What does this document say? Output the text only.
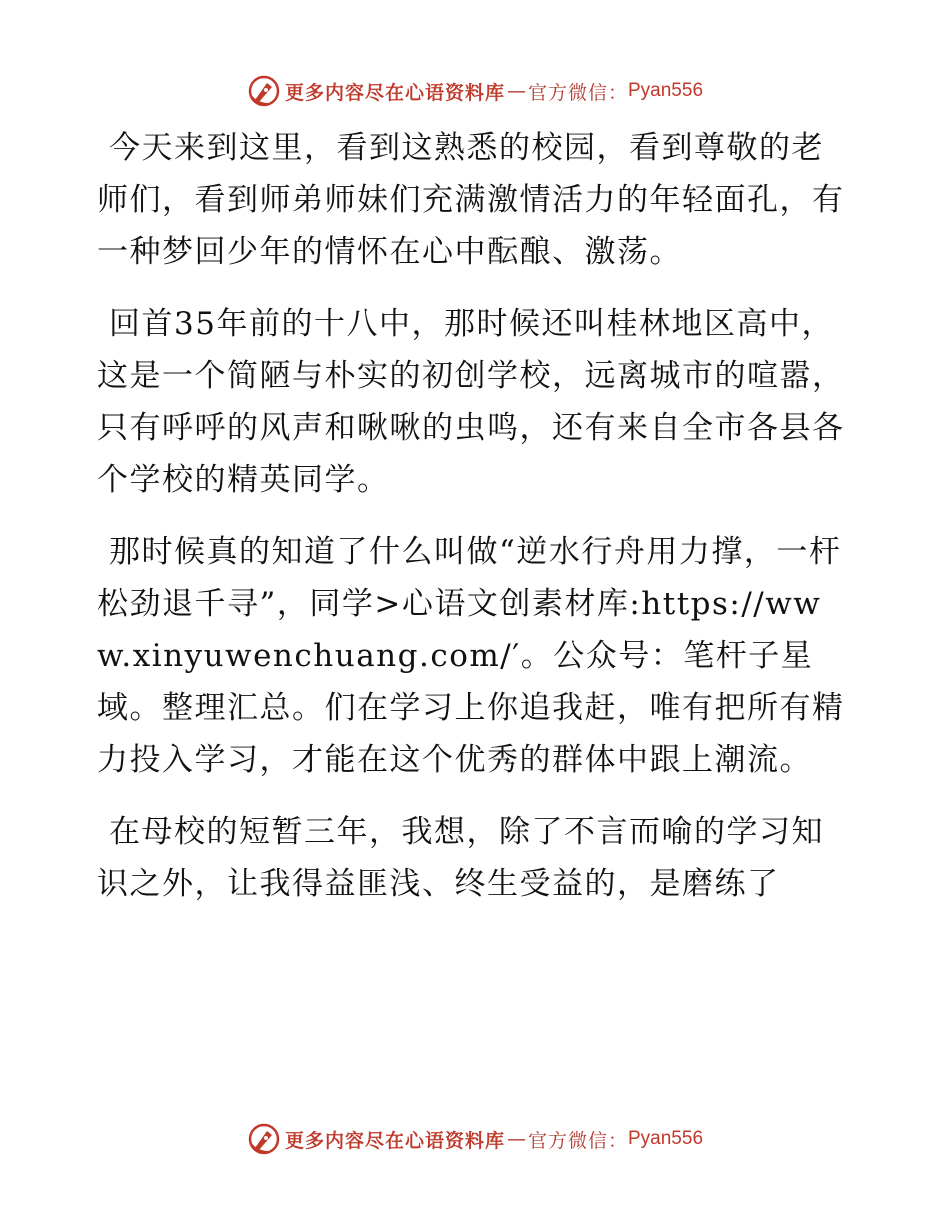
更多内容尽在心语资料库 — 官方微信： Pyan556

今天来到这里，看到这熟悉的校园，看到尊敬的老师们，看到师弟师妹们充满激情活力的年轻面孔，有一种梦回少年的情怀在心中酝酿、激荡。

回首35年前的十八中，那时候还叫桂林地区高中，这是一个简陋与朴实的初创学校，远离城市的喧嚣，只有呼呼的风声和啾啾的虫鸣，还有来自全市各县各个学校的精英同学。

那时候真的知道了什么叫做“逆水行舟用力撑，一杆松劲退千寻”，同学>心语文创素材库:https://www.xinyuwenchuang.com/′。公众号：笔杆子星域。整理汇总。们在学习上你追我赶，唯有把所有精力投入学习，才能在这个优秀的群体中跟上潮流。

在母校的短暂三年，我想，除了不言而喻的学习知识之外，让我得益匪浅、终生受益的，是磨练了

更多内容尽在心语资料库 — 官方微信： Pyan556
